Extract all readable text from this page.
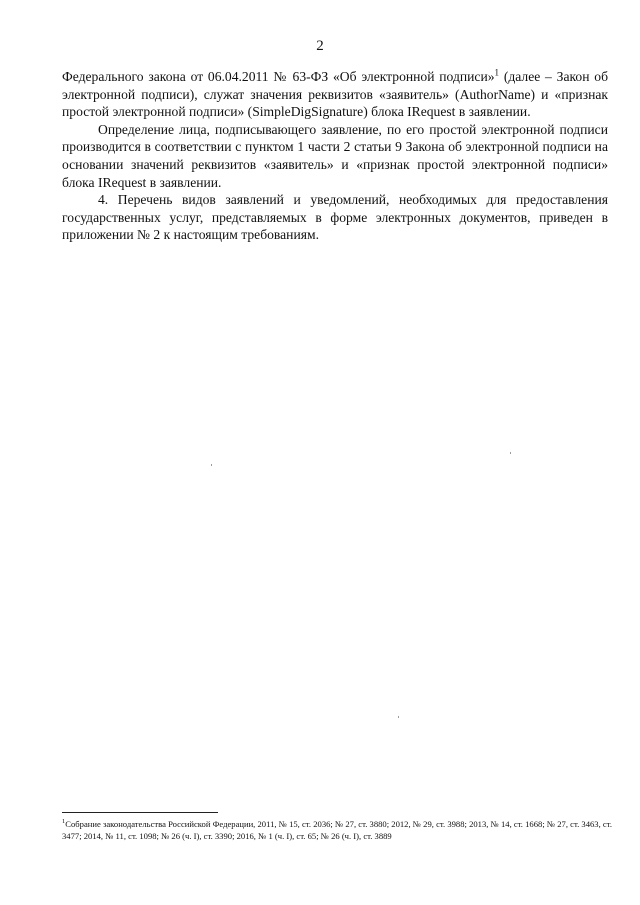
2

Федерального закона от 06.04.2011 № 63-ФЗ «Об электронной подписи»$^1$ (далее – Закон об электронной подписи), служат значения реквизитов «заявитель» (AuthorName) и «признак простой электронной подписи» (SimpleDigSignature) блока IRequest в заявлении.

Определение лица, подписывающего заявление, по его простой электронной подписи производится в соответствии с пунктом 1 части 2 статьи 9 Закона об электронной подписи на основании значений реквизитов «заявитель» и «признак простой электронной подписи» блока IRequest в заявлении.

4. Перечень видов заявлений и уведомлений, необходимых для предоставления государственных услуг, представляемых в форме электронных документов, приведен в приложении № 2 к настоящим требованиям.

$^1$Собрание законодательства Российской Федерации, 2011, № 15, ст. 2036; № 27, ст. 3880; 2012, № 29, ст. 3988; 2013, № 14, ст. 1668; № 27, ст. 3463, ст. 3477; 2014, № 11, ст. 1098; № 26 (ч. I), ст. 3390; 2016, № 1 (ч. I), ст. 65; № 26 (ч. I), ст. 3889
